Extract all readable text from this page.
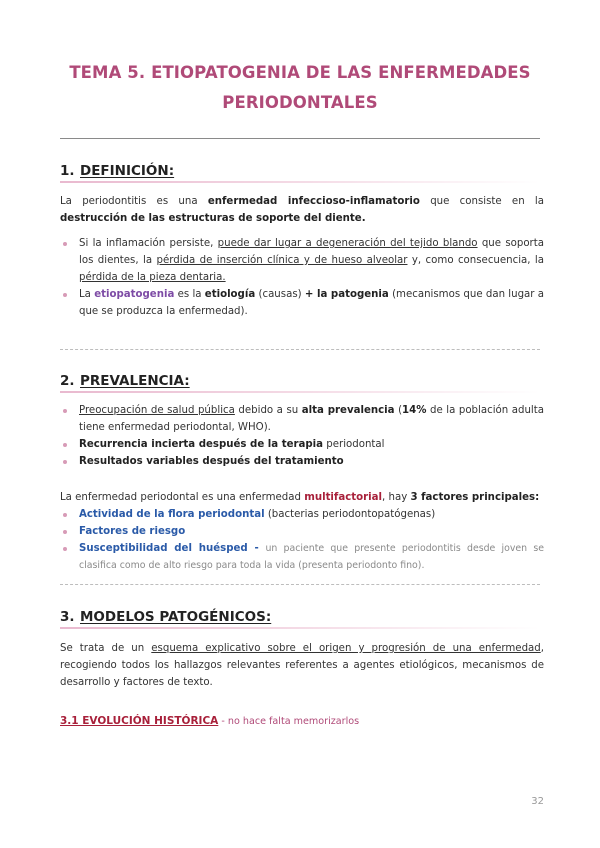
TEMA 5. ETIOPATOGENIA DE LAS ENFERMEDADES PERIODONTALES
1. DEFINICIÓN:
La periodontitis es una enfermedad infeccioso-inflamatorio que consiste en la destrucción de las estructuras de soporte del diente.
Si la inflamación persiste, puede dar lugar a degeneración del tejido blando que soporta los dientes, la pérdida de inserción clínica y de hueso alveolar y, como consecuencia, la pérdida de la pieza dentaria.
La etiopatogenia es la etiología (causas) + la patogenia (mecanismos que dan lugar a que se produzca la enfermedad).
2. PREVALENCIA:
Preocupación de salud pública debido a su alta prevalencia (14% de la población adulta tiene enfermedad periodontal, WHO).
Recurrencia incierta después de la terapia periodontal
Resultados variables después del tratamiento
La enfermedad periodontal es una enfermedad multifactorial, hay 3 factores principales:
Actividad de la flora periodontal (bacterias periodontopatógenas)
Factores de riesgo
Susceptibilidad del huésped - un paciente que presente periodontitis desde joven se clasifica como de alto riesgo para toda la vida (presenta periodonto fino).
3. MODELOS PATOGÉNICOS:
Se trata de un esquema explicativo sobre el origen y progresión de una enfermedad, recogiendo todos los hallazgos relevantes referentes a agentes etiológicos, mecanismos de desarrollo y factores de texto.
3.1 EVOLUCIÓN HISTÓRICA - no hace falta memorizarlos
32
